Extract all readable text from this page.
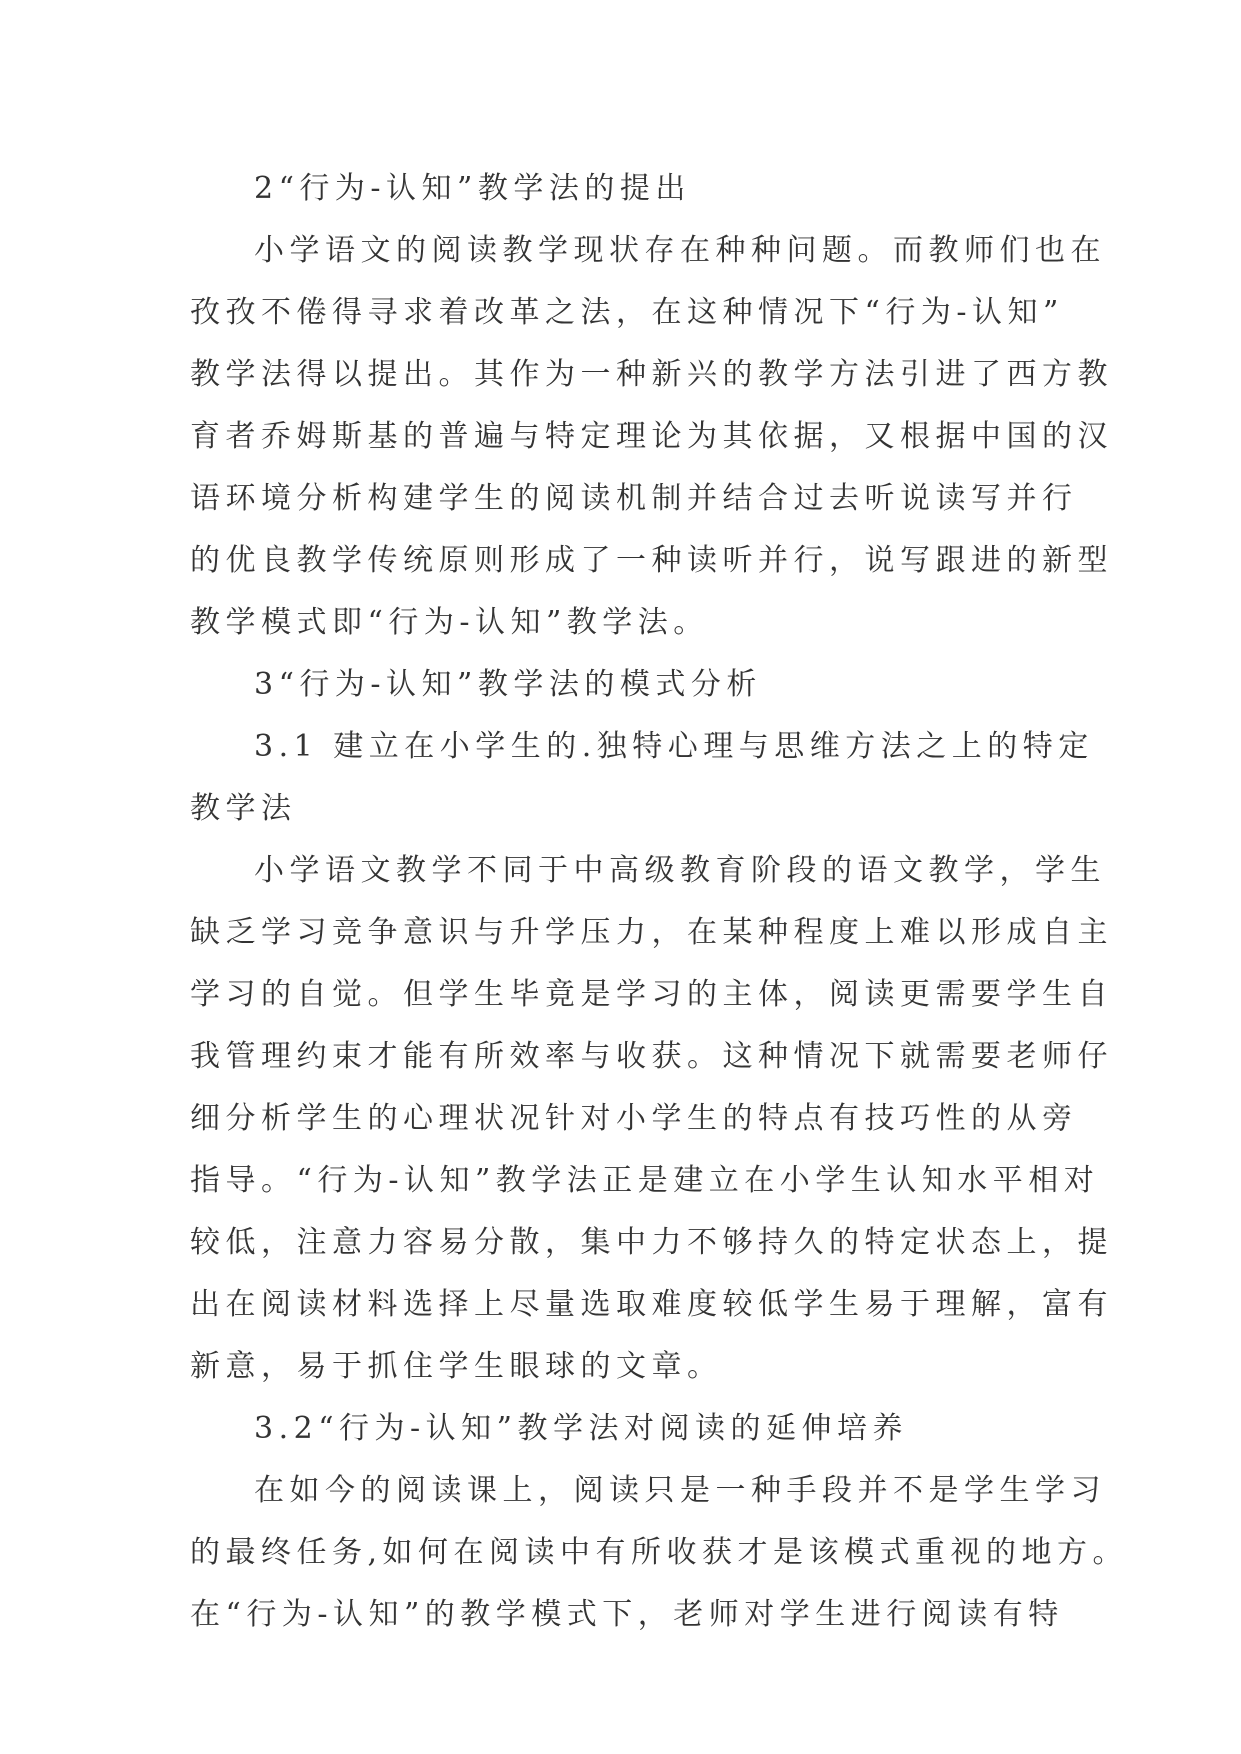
2“行为-认知”教学法的提出
小学语文的阅读教学现状存在种种问题。而教师们也在
孜孜不倦得寻求着改革之法，在这种情况下“行为-认知”
教学法得以提出。其作为一种新兴的教学方法引进了西方教
育者乔姆斯基的普遍与特定理论为其依据，又根据中国的汉
语环境分析构建学生的阅读机制并结合过去听说读写并行
的优良教学传统原则形成了一种读听并行，说写跟进的新型
教学模式即“行为-认知”教学法。
3“行为-认知”教学法的模式分析
3.1 建立在小学生的.独特心理与思维方法之上的特定
教学法
小学语文教学不同于中高级教育阶段的语文教学，学生
缺乏学习竞争意识与升学压力，在某种程度上难以形成自主
学习的自觉。但学生毕竟是学习的主体，阅读更需要学生自
我管理约束才能有所效率与收获。这种情况下就需要老师仔
细分析学生的心理状况针对小学生的特点有技巧性的从旁
指导。“行为-认知”教学法正是建立在小学生认知水平相对
较低，注意力容易分散，集中力不够持久的特定状态上，提
出在阅读材料选择上尽量选取难度较低学生易于理解，富有
新意，易于抓住学生眼球的文章。
3.2“行为-认知”教学法对阅读的延伸培养
在如今的阅读课上，阅读只是一种手段并不是学生学习
的最终任务,如何在阅读中有所收获才是该模式重视的地方。
在“行为-认知”的教学模式下，老师对学生进行阅读有特
